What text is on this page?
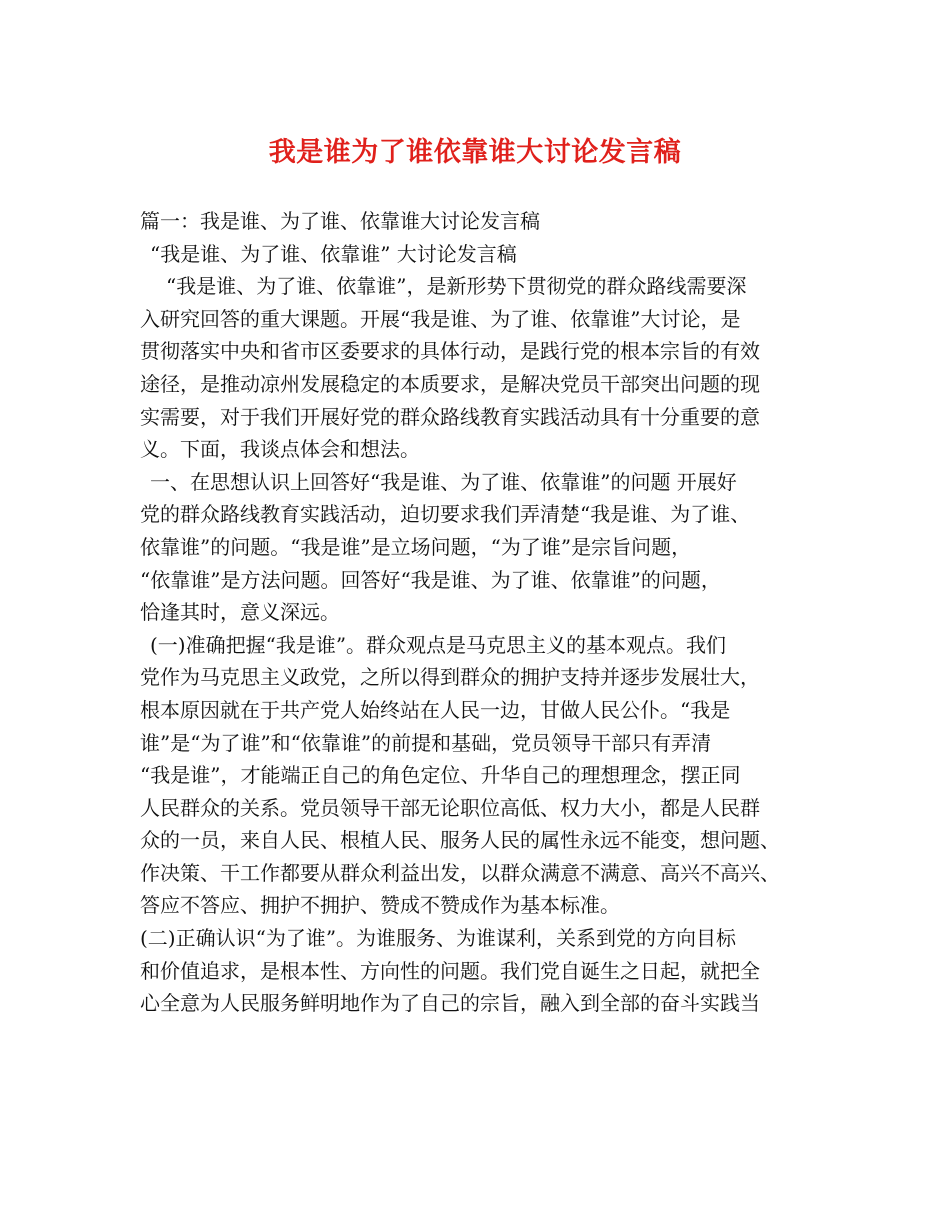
我是谁为了谁依靠谁大讨论发言稿
篇一：我是谁、为了谁、依靠谁大讨论发言稿
“我是谁、为了谁、依靠谁” 大讨论发言稿
“我是谁、为了谁、依靠谁”，是新形势下贯彻党的群众路线需要深
入研究回答的重大课题。开展“我是谁、为了谁、依靠谁”大讨论，是
贯彻落实中央和省市区委要求的具体行动，是践行党的根本宗旨的有效
途径，是推动凉州发展稳定的本质要求，是解决党员干部突出问题的现
实需要，对于我们开展好党的群众路线教育实践活动具有十分重要的意
义。下面，我谈点体会和想法。
一、在思想认识上回答好“我是谁、为了谁、依靠谁”的问题 开展好
党的群众路线教育实践活动，迫切要求我们弄清楚“我是谁、为了谁、
依靠谁”的问题。“我是谁”是立场问题，“为了谁”是宗旨问题，
“依靠谁”是方法问题。回答好“我是谁、为了谁、依靠谁”的问题，
恰逢其时，意义深远。
(一)准确把握“我是谁”。群众观点是马克思主义的基本观点。我们
党作为马克思主义政党，之所以得到群众的拥护支持并逐步发展壮大，
根本原因就在于共产党人始终站在人民一边，甘做人民公仆。“我是
谁”是“为了谁”和“依靠谁”的前提和基础，党员领导干部只有弄清
“我是谁”，才能端正自己的角色定位、升华自己的理想理念，摆正同
人民群众的关系。党员领导干部无论职位高低、权力大小，都是人民群
众的一员，来自人民、根植人民、服务人民的属性永远不能变，想问题、
作决策、干工作都要从群众利益出发，以群众满意不满意、高兴不高兴、
答应不答应、拥护不拥护、赞成不赞成作为基本标准。
(二)正确认识“为了谁”。为谁服务、为谁谋利，关系到党的方向目标
和价值追求，是根本性、方向性的问题。我们党自诞生之日起，就把全
心全意为人民服务鲜明地作为了自己的宗旨，融入到全部的奋斗实践当
